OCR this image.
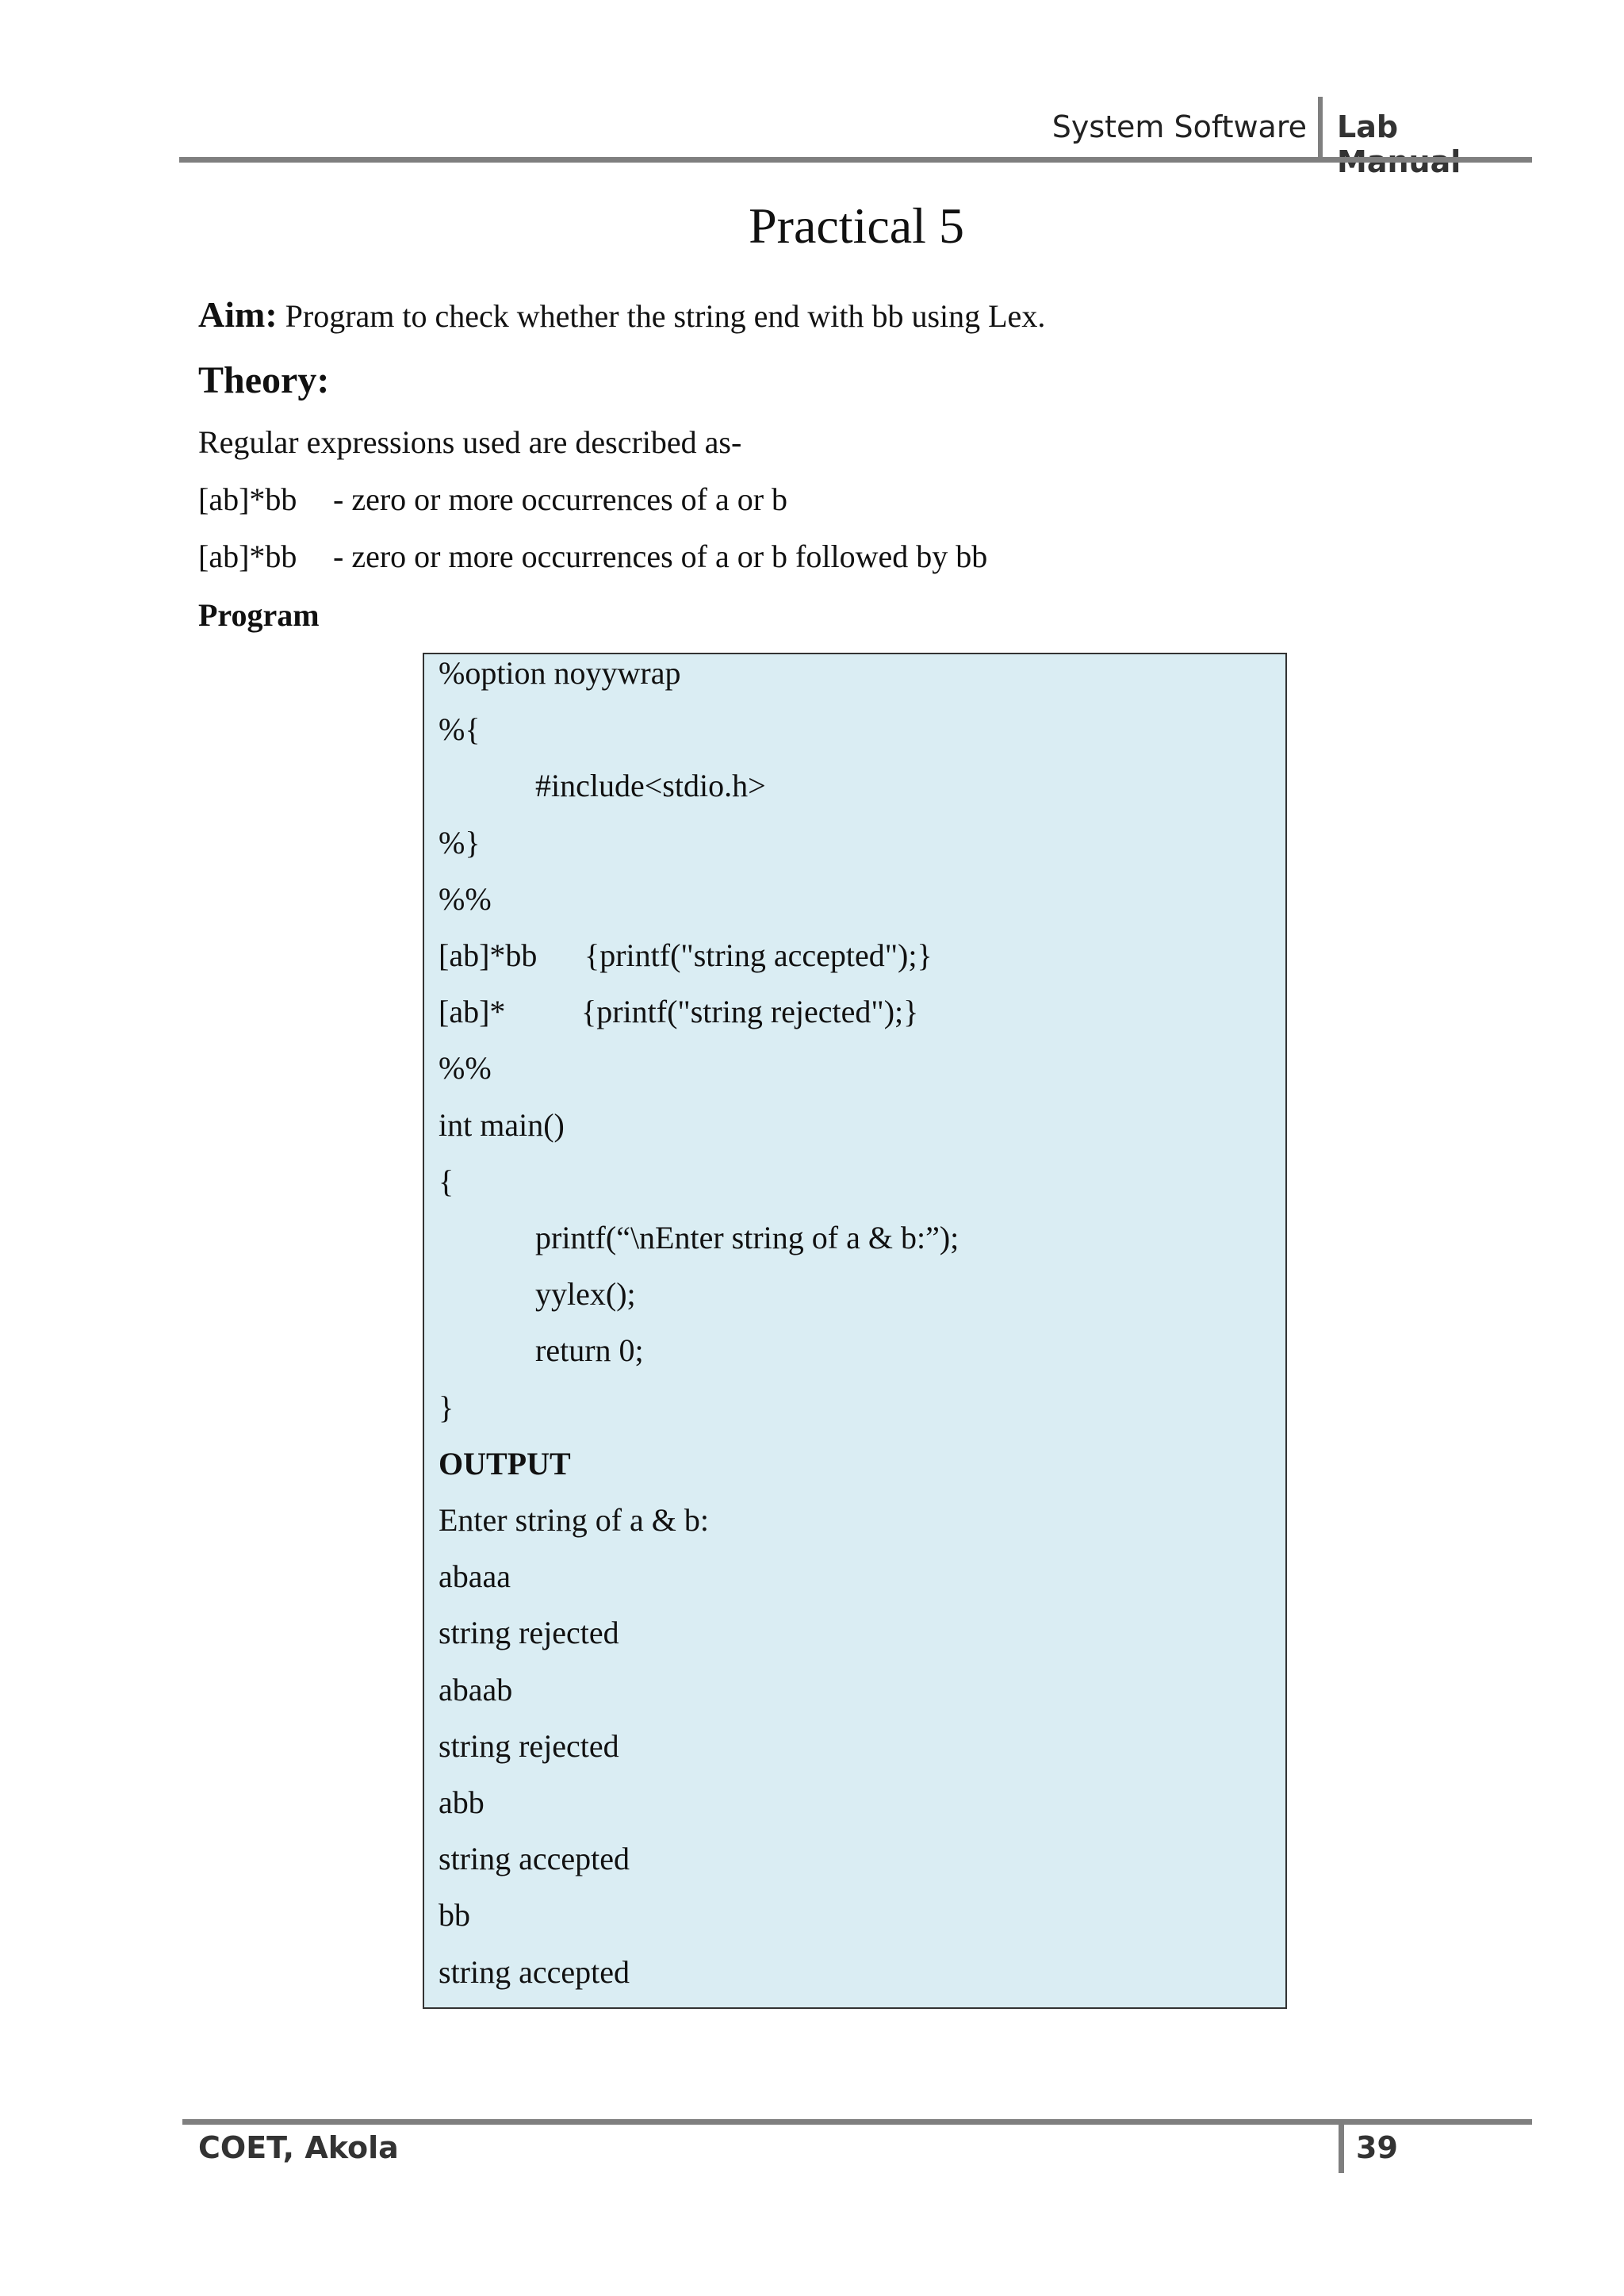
System Software Lab
Practical 5
Aim: Program to check whether the string end with bb using Lex.
Theory:
Regular expressions used are described as-
[ab]*bb - zero or more occurrences of a or b
[ab]*bb - zero or more occurrences of a or b followed by bb
Program
%option noyywrap
%{
#include<stdio.h>
%}
%%
[ab]*bb {printf("string accepted");}
[ab]* {printf("string rejected");}
%%
int main()
{
printf(“\nEnter string of a & b:”);
yylex();
return 0;
}
OUTPUT
Enter string of a & b:
abaaa
string rejected
abaab
string rejected
abb
string accepted
bb
string accepted
COET, Akola	39
